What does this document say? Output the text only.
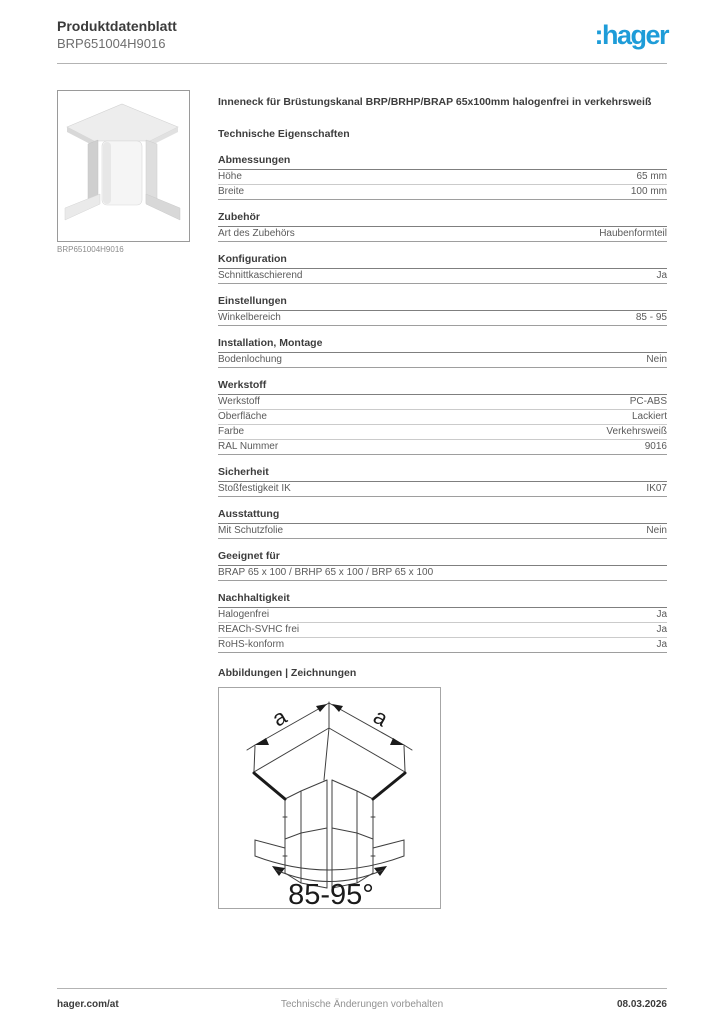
Produktdatenblatt
BRP651004H9016	:hager
BRP651004H9016
Inneneck für Brüstungskanal BRP/BRHP/BRAP 65x100mm halogenfrei in verkehrsweiß
Technische Eigenschaften
Abmessungen
Höhe	65 mm
Breite	100 mm
Zubehör
Art des Zubehörs	Haubenformteil
Konfiguration
Schnittkaschierend	Ja
Einstellungen
Winkelbereich	85 - 95
Installation, Montage
Bodenlochung	Nein
Werkstoff
Werkstoff	PC-ABS
Oberfläche	Lackiert
Farbe	Verkehrsweiß
RAL Nummer	9016
Sicherheit
Stoßfestigkeit IK	IK07
Ausstattung
Mit Schutzfolie	Nein
Geeignet für
BRAP 65 x 100 / BRHP 65 x 100 / BRP 65 x 100
Nachhaltigkeit
Halogenfrei	Ja
REACh-SVHC frei	Ja
RoHS-konform	Ja
Abbildungen | Zeichnungen
a	a
85-95°
hager.com/at	Technische Änderungen vorbehalten	08.03.2026
